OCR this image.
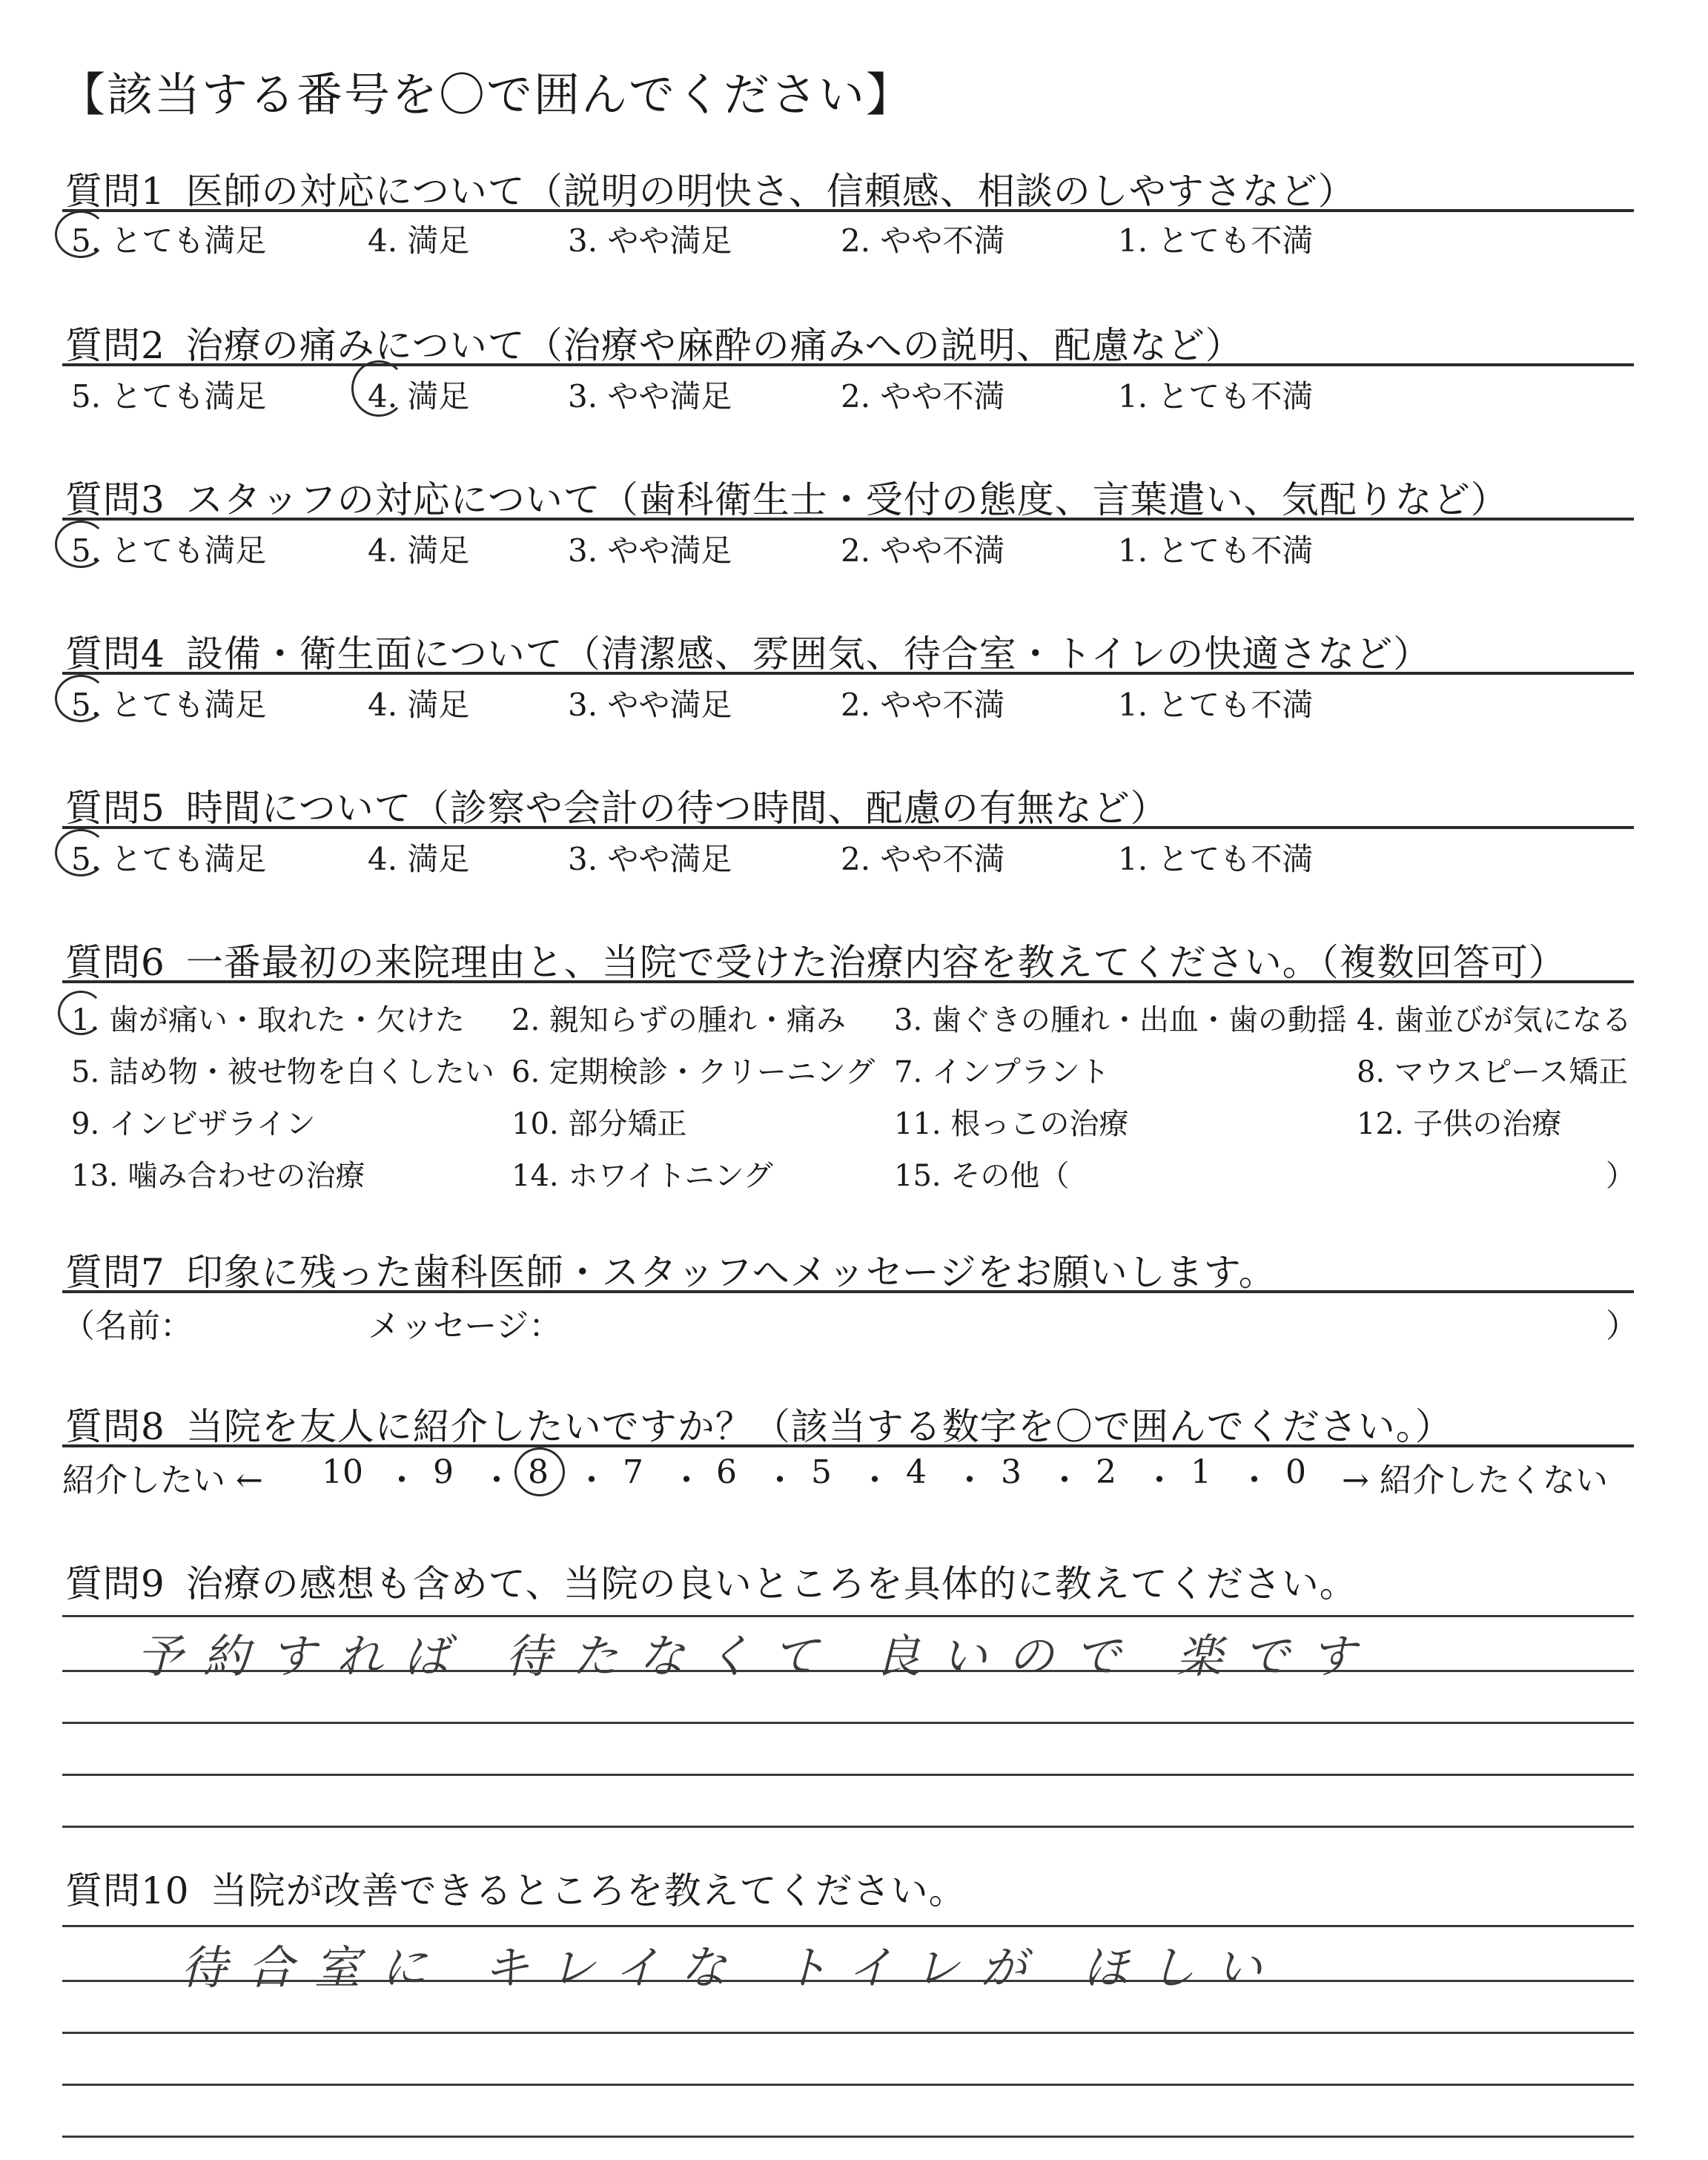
【該当する番号を〇で囲んでください】
質問1 医師の対応について（説明の明快さ、信頼感、相談のしやすさなど）
5. とても満足	4. 満足	3. やや満足	2. やや不満	1. とても不満
質問2 治療の痛みについて（治療や麻酔の痛みへの説明、配慮など）
5. とても満足	4. 満足	3. やや満足	2. やや不満	1. とても不満
質問3 スタッフの対応について（歯科衛生士・受付の態度、言葉遣い、気配りなど）
5. とても満足	4. 満足	3. やや満足	2. やや不満	1. とても不満
質問4 設備・衛生面について（清潔感、雰囲気、待合室・トイレの快適さなど）
5. とても満足	4. 満足	3. やや満足	2. やや不満	1. とても不満
質問5 時間について（診察や会計の待つ時間、配慮の有無など）
5. とても満足	4. 満足	3. やや満足	2. やや不満	1. とても不満
質問6 一番最初の来院理由と、当院で受けた治療内容を教えてください。（複数回答可）
1. 歯が痛い・取れた・欠けた 2. 親知らずの腫れ・痛み 3. 歯ぐきの腫れ・出血・歯の動揺 4. 歯並びが気になる
5. 詰め物・被せ物を白くしたい 6. 定期検診・クリーニング 7. インプラント	8. マウスピース矯正
9. インビザライン	10. 部分矯正	11. 根っこの治療	12. 子供の治療
13. 噛み合わせの治療	14. ホワイトニング	15. その他（	）
質問7 印象に残った歯科医師・スタッフへメッセージをお願いします。
（名前：	メッセージ：	）
質問8 当院を友人に紹介したいですか？（該当する数字を〇で囲んでください。）
紹介したい ← 10 9 8 7 6 5 4 3 2 1 0
・ ・ ・ ・ ・ ・ ・ ・ ・ ・ → 紹介したくない
質問9 治療の感想も含めて、当院の良いところを具体的に教えてください。
予約すれば 待たなくて 良いので 楽です
質問10 当院が改善できるところを教えてください。
待合室に キレイな トイレが ほしい
